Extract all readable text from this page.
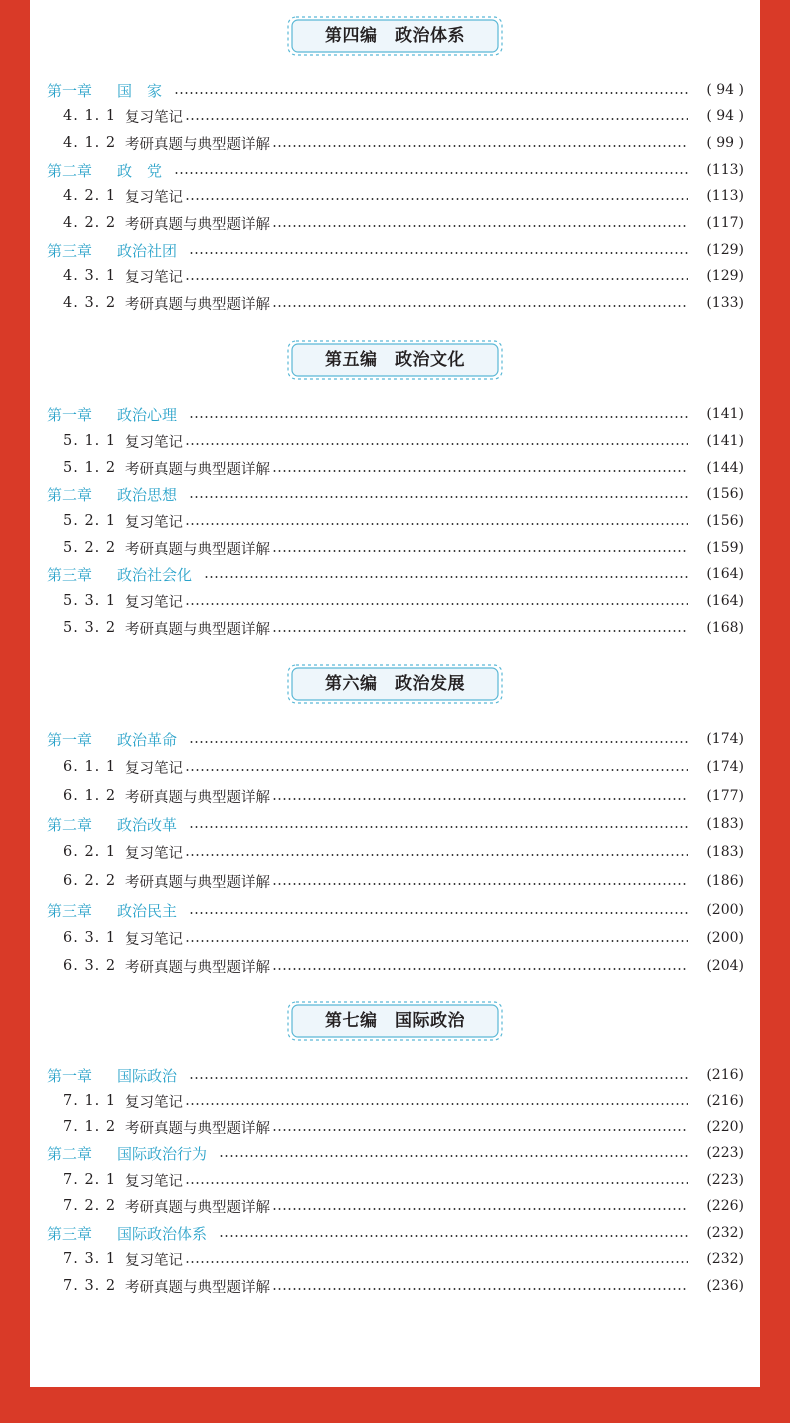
第四编　政治体系
第一章	国　家	( 94 )
4. 1. 1 复习笔记	( 94 )
4. 1. 2 考研真题与典型题详解	( 99 )
第二章	政　党	(113)
4. 2. 1 复习笔记	(113)
4. 2. 2 考研真题与典型题详解	(117)
第三章	政治社团	(129)
4. 3. 1 复习笔记	(129)
4. 3. 2 考研真题与典型题详解	(133)
第五编　政治文化
第一章	政治心理	(141)
5. 1. 1 复习笔记	(141)
5. 1. 2 考研真题与典型题详解	(144)
第二章	政治思想	(156)
5. 2. 1 复习笔记	(156)
5. 2. 2 考研真题与典型题详解	(159)
第三章	政治社会化	(164)
5. 3. 1 复习笔记	(164)
5. 3. 2 考研真题与典型题详解	(168)
第六编　政治发展
第一章	政治革命	(174)
6. 1. 1 复习笔记	(174)
6. 1. 2 考研真题与典型题详解	(177)
第二章	政治改革	(183)
6. 2. 1 复习笔记	(183)
6. 2. 2 考研真题与典型题详解	(186)
第三章	政治民主	(200)
6. 3. 1 复习笔记	(200)
6. 3. 2 考研真题与典型题详解	(204)
第七编　国际政治
第一章	国际政治	(216)
7. 1. 1 复习笔记	(216)
7. 1. 2 考研真题与典型题详解	(220)
第二章	国际政治行为	(223)
7. 2. 1 复习笔记	(223)
7. 2. 2 考研真题与典型题详解	(226)
第三章	国际政治体系	(232)
7. 3. 1 复习笔记	(232)
7. 3. 2 考研真题与典型题详解	(236)
